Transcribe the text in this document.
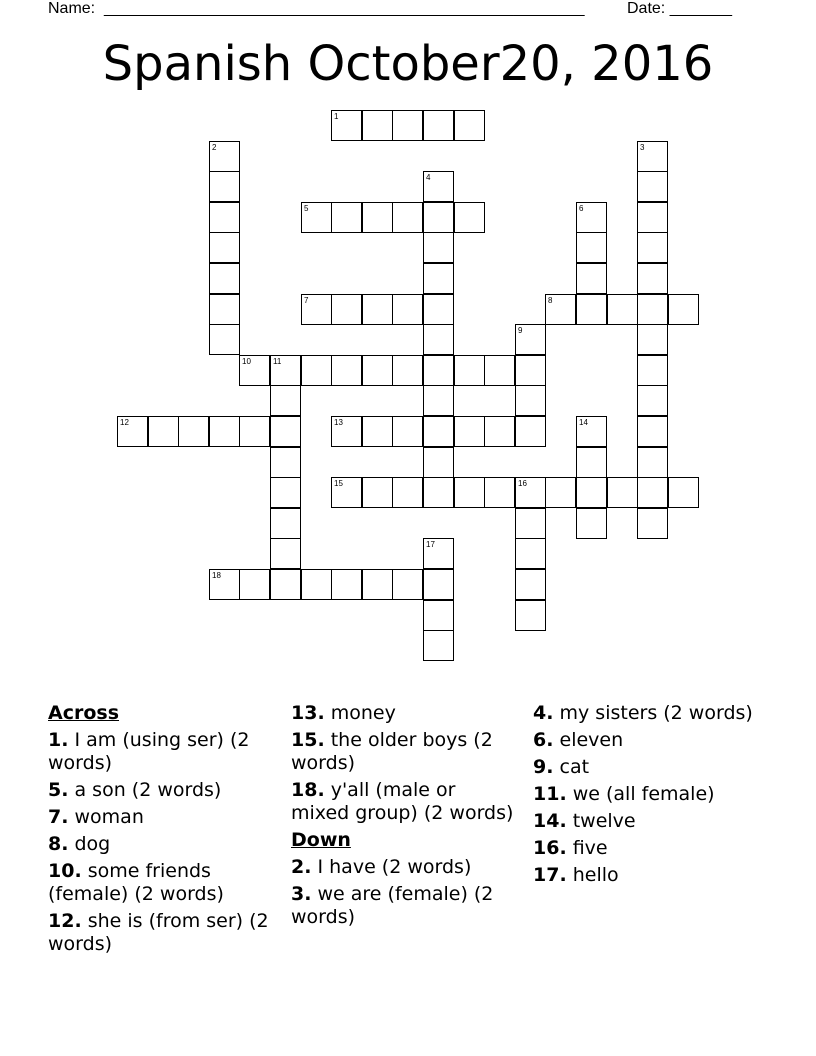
Name: ______________________________________________________	Date: _______
Spanish October20, 2016
1
2	3
4
5	6
7	8
9
10	11
12	13	14
15	16
17
18
Across
1. I am (using ser) (2 words)
5. a son (2 words)
7. woman
8. dog
10. some friends (female) (2 words)
12. she is (from ser) (2 words)
13. money
15. the older boys (2 words)
18. y'all (male or mixed group) (2 words)
Down
2. I have (2 words)
3. we are (female) (2 words)
4. my sisters (2 words)
6. eleven
9. cat
11. we (all female)
14. twelve
16. five
17. hello
